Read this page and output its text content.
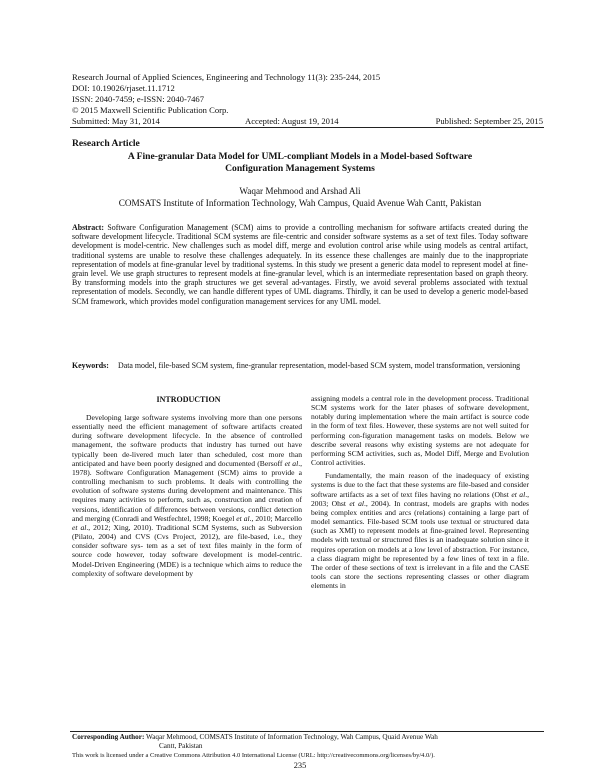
Research Journal of Applied Sciences, Engineering and Technology 11(3): 235-244, 2015
DOI: 10.19026/rjaset.11.1712
ISSN: 2040-7459; e-ISSN: 2040-7467
© 2015 Maxwell Scientific Publication Corp.
Submitted: May 31, 2014	Accepted: August 19, 2014	Published: September 25, 2015
Research Article
A Fine-granular Data Model for UML-compliant Models in a Model-based Software
Configuration Management Systems
Waqar Mehmood and Arshad Ali
COMSATS Institute of Information Technology, Wah Campus, Quaid Avenue Wah Cantt, Pakistan
Abstract: Software Configuration Management (SCM) aims to provide a controlling mechanism for software artifacts created during the software development lifecycle. Traditional SCM systems are file-centric and consider software systems as a set of text files. Today software development is model-centric. New challenges such as model diff, merge and evolution control arise while using models as central artifact, traditional systems are unable to resolve these challenges adequately. In its essence these challenges are mainly due to the inappropriate representation of models at fine-granular level by traditional systems. In this study we present a generic data model to represent model at fine-grain level. We use graph structures to represent models at fine-granular level, which is an intermediate representation based on graph theory. By transforming models into the graph structures we get several ad-vantages. Firstly, we avoid several problems associated with textual representation of models. Secondly, we can handle different types of UML diagrams. Thirdly, it can be used to develop a generic model-based SCM framework, which provides model configuration management services for any UML model.
Keywords: Data model, file-based SCM system, fine-granular representation, model-based SCM system, model transformation, versioning
INTRODUCTION

Developing large software systems involving more than one persons essentially need the efficient management of software artifacts created during software development lifecycle. In the absence of controlled management, the software products that industry has turned out have typically been de-livered much later than scheduled, cost more than anticipated and have been poorly designed and documented (Bersoff et al., 1978). Software Configuration Management (SCM) aims to provide a controlling mechanism to such problems. It deals with controlling the evolution of software systems during development and maintenance. This requires many activities to perform, such as, construction and creation of versions, identification of differences between versions, conflict detection and merging (Conradi and Westfechtel, 1998; Koegel et al., 2010; Marcello et al., 2012; Xing, 2010). Traditional SCM Systems, such as Subversion (Pilato, 2004) and CVS (Cvs Project, 2012), are file-based, i.e., they consider software sys- tem as a set of text files mainly in the form of source code however, today software development is model-centric. Model-Driven Engineering (MDE) is a technique which aims to reduce the complexity of software development by

assigning models a central role in the development process. Traditional SCM systems work for the later phases of software development, notably during implementation where the main artifact is source code in the form of text files. However, these systems are not well suited for performing con-figuration management tasks on models. Below we describe several reasons why existing systems are not adequate for performing SCM activities, such as, Model Diff, Merge and Evolution Control activities.

Fundamentally, the main reason of the inadequacy of existing systems is due to the fact that these systems are file-based and consider software artifacts as a set of text files having no relations (Ohst et al., 2003; Ohst et al., 2004). In contrast, models are graphs with nodes being complex entities and arcs (relations) containing a large part of model semantics. File-based SCM tools use textual or structured data (such as XMI) to represent models at fine-grained level. Representing models with textual or structured files is an inadequate solution since it requires operation on models at a low level of abstraction. For instance, a class diagram might be represented by a few lines of text in a file. The order of these sections of text is irrelevant in a file and the CASE tools can store the sections representing classes or other diagram elements in

Corresponding Author: Waqar Mehmood, COMSATS Institute of Information Technology, Wah Campus, Quaid Avenue Wah
Cantt, Pakistan
This work is licensed under a Creative Commons Attribution 4.0 International License (URL: http://creativecommons.org/licenses/by/4.0/).
235
